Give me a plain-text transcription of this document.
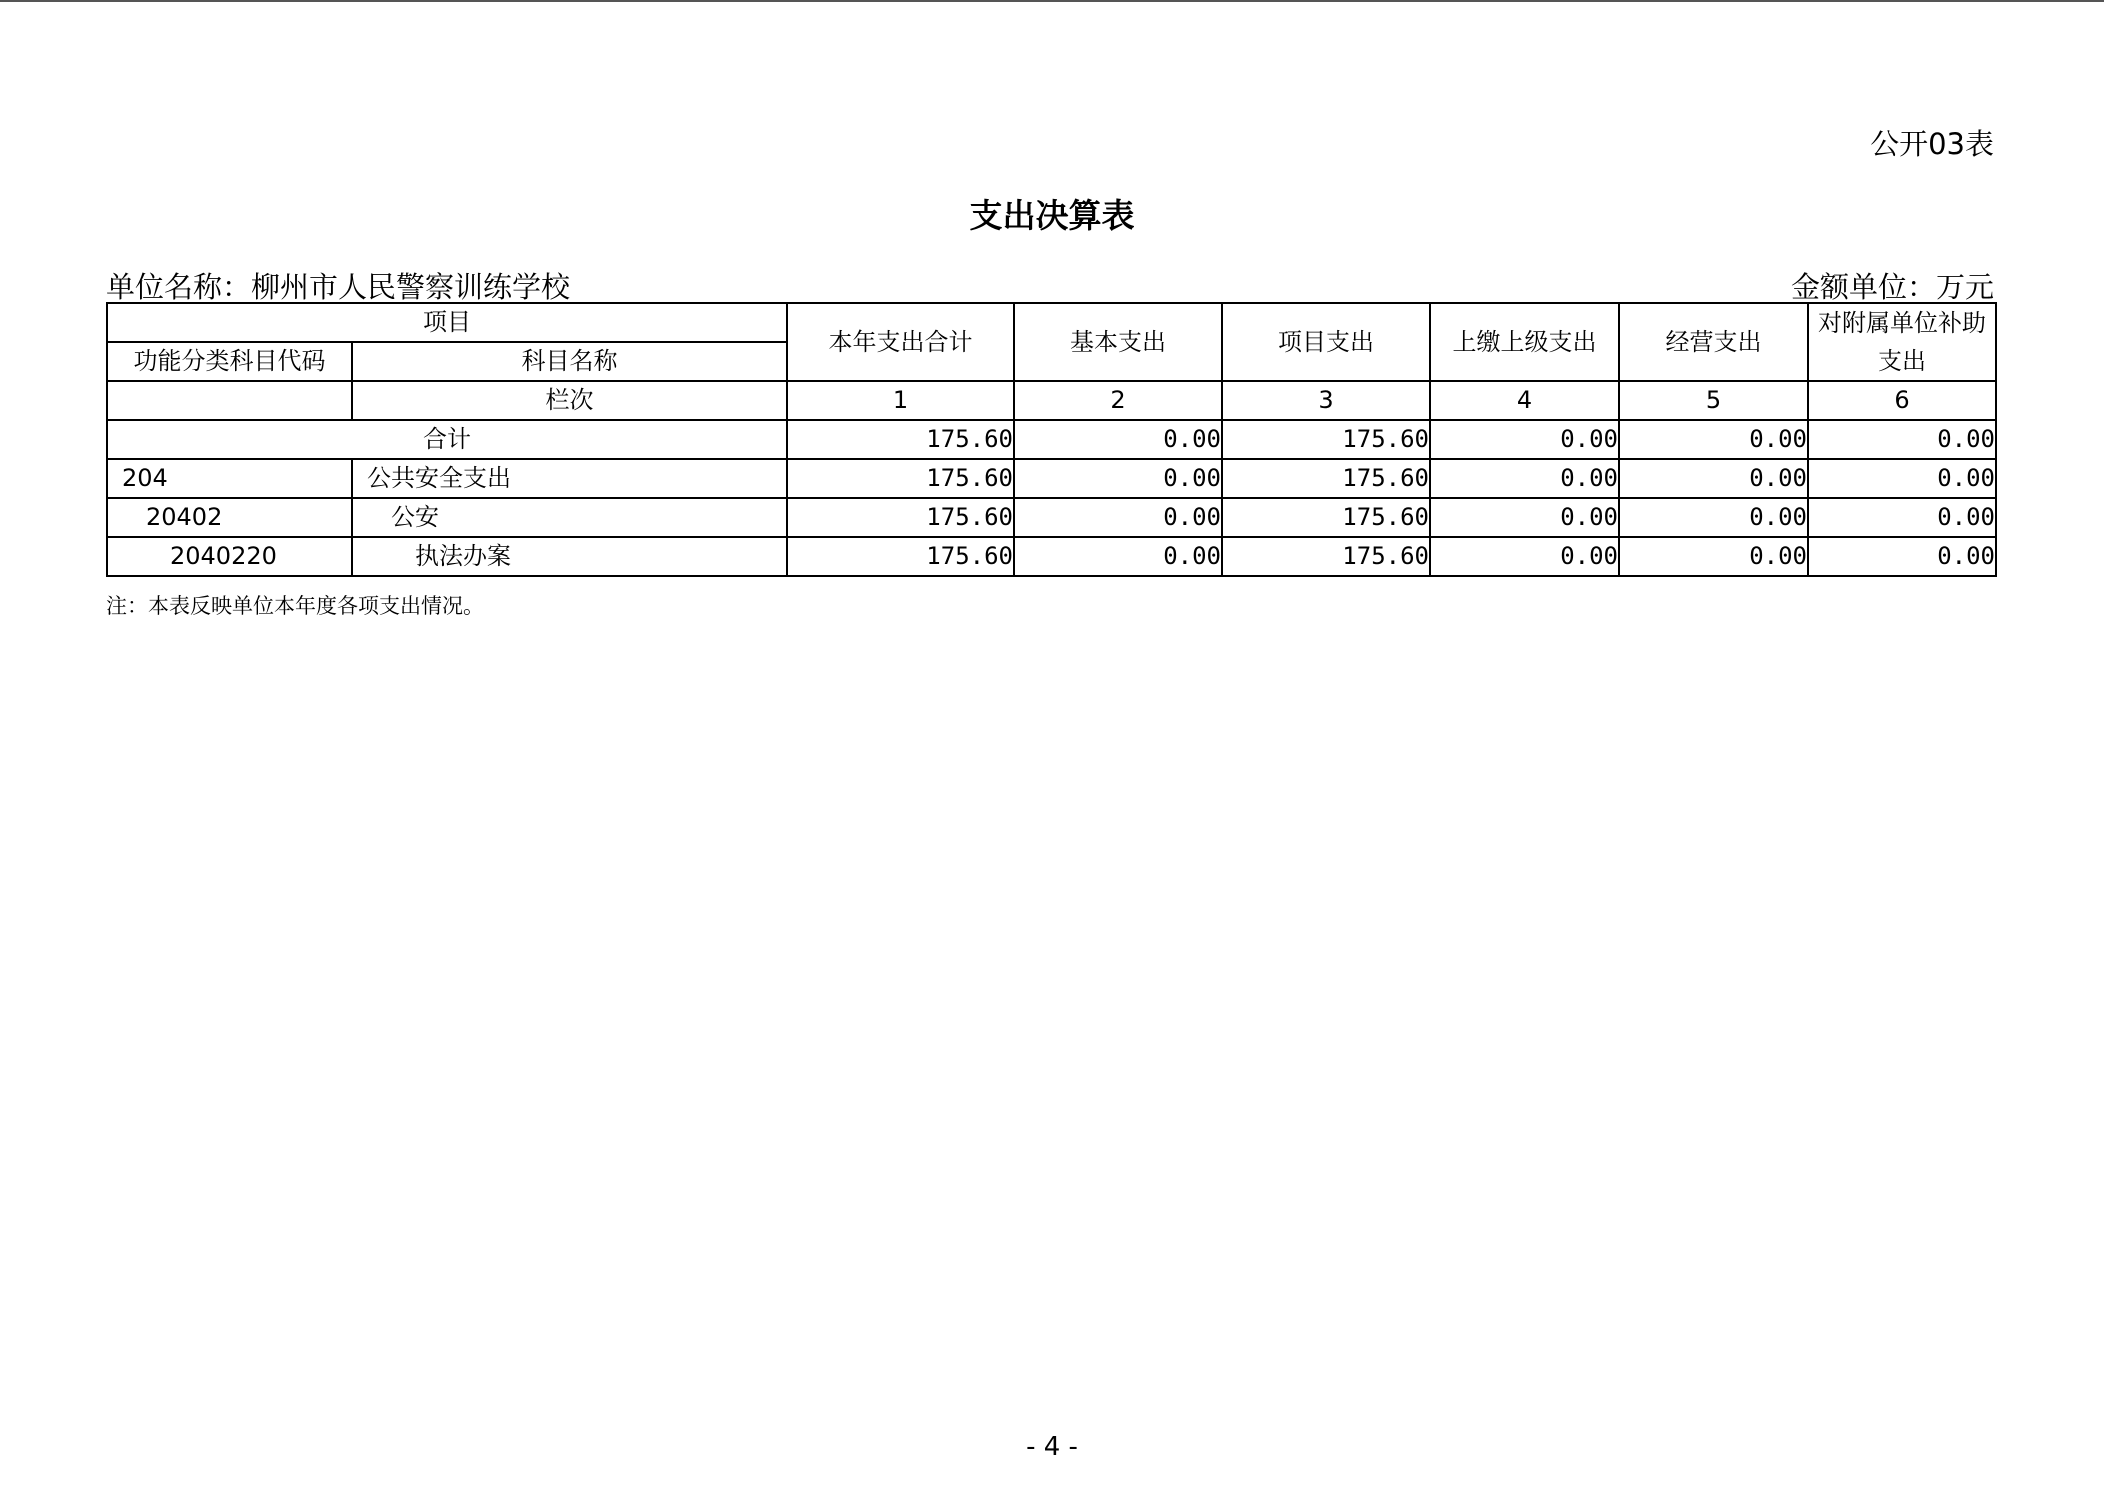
公开03表
支出决算表
单位名称：柳州市人民警察训练学校	金额单位：万元
项目		本年支出合计	基本支出	项目支出	上缴上级支出	经营支出	对附属单位补助支出
功能分类科目代码	科目名称						
	栏次	1	2	3	4	5	6
合计		175.60	0.00	175.60	0.00	0.00	0.00
204	公共安全支出	175.60	0.00	175.60	0.00	0.00	0.00
20402	公安	175.60	0.00	175.60	0.00	0.00	0.00
2040220	执法办案	175.60	0.00	175.60	0.00	0.00	0.00
注：本表反映单位本年度各项支出情况。
- 4 -
